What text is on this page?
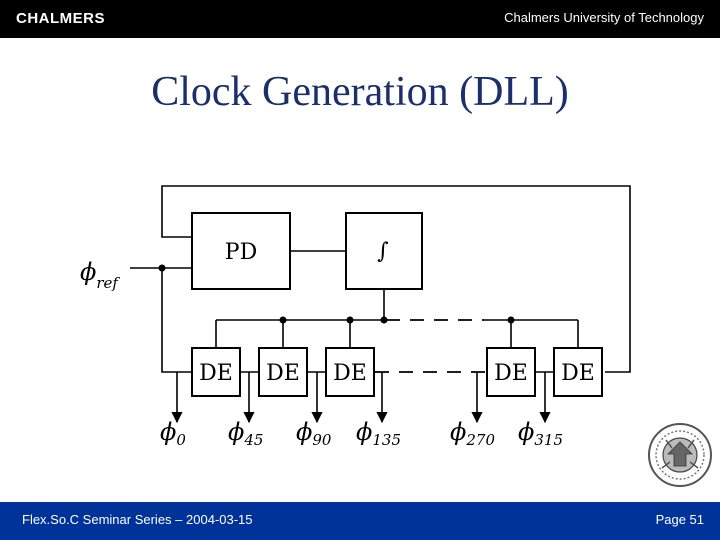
CHALMERS	Chalmers University of Technology
Clock Generation (DLL)
PD	∫
DE DE DE	DE DE
$\phi_{ref}$
$\phi_0$ $\phi_{45}$ $\phi_{90}$ $\phi_{135}$ $\phi_{270}$ $\phi_{315}$
Flex.So.C Seminar Series – 2004-03-15	Page 51
